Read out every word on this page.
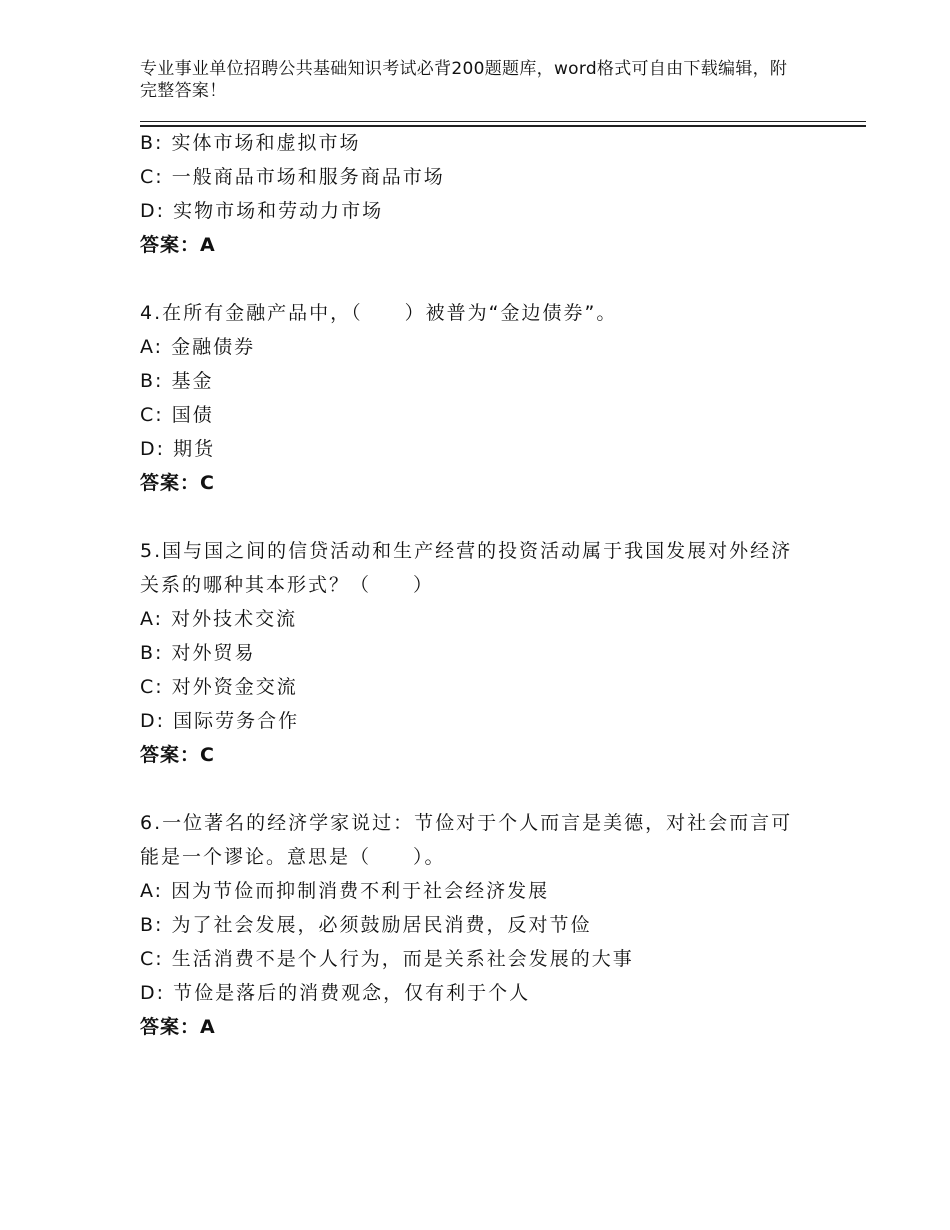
专业事业单位招聘公共基础知识考试必背200题题库，word格式可自由下载编辑，附完整答案！
B: 实体市场和虚拟市场
C: 一般商品市场和服务商品市场
D: 实物市场和劳动力市场
答案：A
4.在所有金融产品中，（　　）被普为“金边债券”。
A: 金融债券
B: 基金
C: 国债
D: 期货
答案：C
5.国与国之间的信贷活动和生产经营的投资活动属于我国发展对外经济关系的哪种其本形式？（　　）
A: 对外技术交流
B: 对外贸易
C: 对外资金交流
D: 国际劳务合作
答案：C
6.一位著名的经济学家说过：节俭对于个人而言是美德，对社会而言可能是一个谬论。意思是（　　）。
A: 因为节俭而抑制消费不利于社会经济发展
B: 为了社会发展，必须鼓励居民消费，反对节俭
C: 生活消费不是个人行为，而是关系社会发展的大事
D: 节俭是落后的消费观念，仅有利于个人
答案：A
